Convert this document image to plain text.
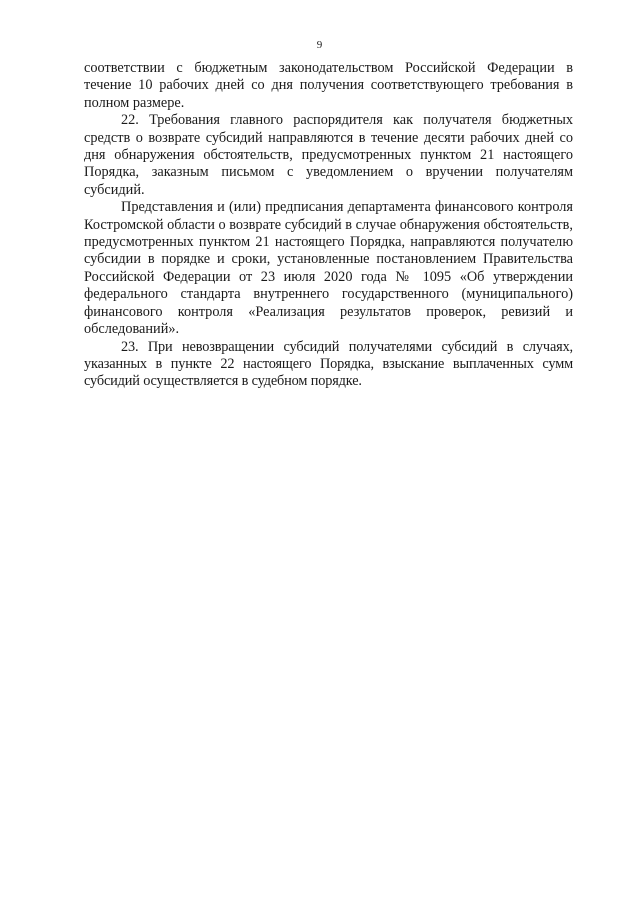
9

соответствии с бюджетным законодательством Российской Федерации в течение 10 рабочих дней со дня получения соответствующего требования в полном размере.

22. Требования главного распорядителя как получателя бюджетных средств о возврате субсидий направляются в течение десяти рабочих дней со дня обнаружения обстоятельств, предусмотренных пунктом 21 настоящего Порядка, заказным письмом с уведомлением о вручении получателям субсидий.

Представления и (или) предписания департамента финансового контроля Костромской области о возврате субсидий в случае обнаружения обстоятельств, предусмотренных пунктом 21 настоящего Порядка, направляются получателю субсидии в порядке и сроки, установленные постановлением Правительства Российской Федерации от 23 июля 2020 года № 1095 «Об утверждении федерального стандарта внутреннего государственного (муниципального) финансового контроля «Реализация результатов проверок, ревизий и обследований».

23. При невозвращении субсидий получателями субсидий в случаях, указанных в пункте 22 настоящего Порядка, взыскание выплаченных сумм субсидий осуществляется в судебном порядке.
